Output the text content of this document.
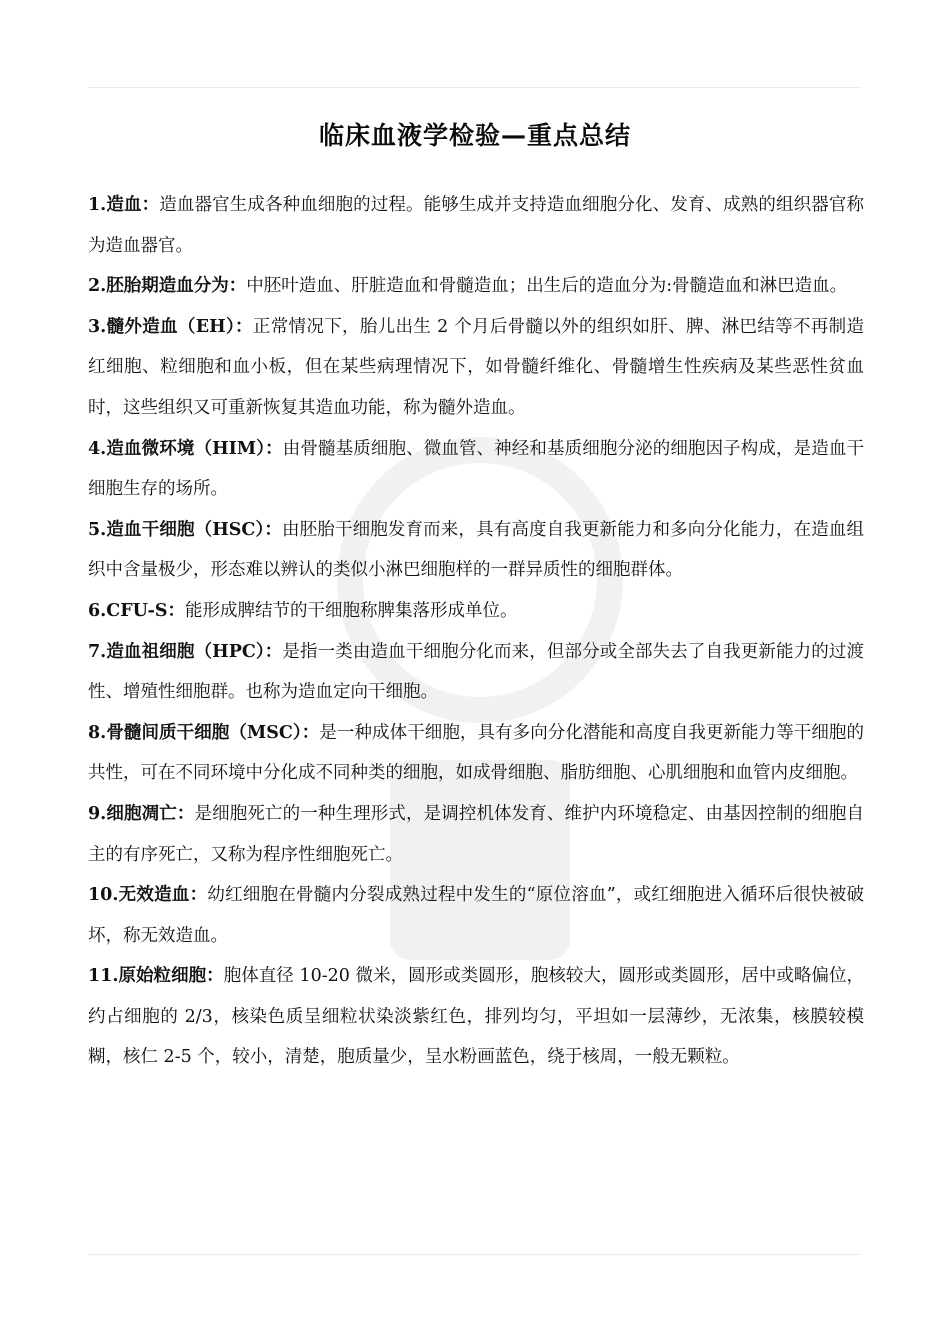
临床血液学检验—重点总结

1.造血：造血器官生成各种血细胞的过程。能够生成并支持造血细胞分化、发育、成熟的组织器官称为造血器官。

2.胚胎期造血分为：中胚叶造血、肝脏造血和骨髓造血；出生后的造血分为:骨髓造血和淋巴造血。

3.髓外造血（EH）：正常情况下，胎儿出生 2 个月后骨髓以外的组织如肝、脾、淋巴结等不再制造红细胞、粒细胞和血小板，但在某些病理情况下，如骨髓纤维化、骨髓增生性疾病及某些恶性贫血时，这些组织又可重新恢复其造血功能，称为髓外造血。

4.造血微环境（HIM）：由骨髓基质细胞、微血管、神经和基质细胞分泌的细胞因子构成，是造血干细胞生存的场所。

5.造血干细胞（HSC）：由胚胎干细胞发育而来，具有高度自我更新能力和多向分化能力，在造血组织中含量极少，形态难以辨认的类似小淋巴细胞样的一群异质性的细胞群体。

6.CFU-S：能形成脾结节的干细胞称脾集落形成单位。

7.造血祖细胞（HPC）：是指一类由造血干细胞分化而来，但部分或全部失去了自我更新能力的过渡性、增殖性细胞群。也称为造血定向干细胞。

8.骨髓间质干细胞（MSC）：是一种成体干细胞，具有多向分化潜能和高度自我更新能力等干细胞的共性，可在不同环境中分化成不同种类的细胞，如成骨细胞、脂肪细胞、心肌细胞和血管内皮细胞。

9.细胞凋亡：是细胞死亡的一种生理形式，是调控机体发育、维护内环境稳定、由基因控制的细胞自主的有序死亡，又称为程序性细胞死亡。

10.无效造血：幼红细胞在骨髓内分裂成熟过程中发生的“原位溶血”，或红细胞进入循环后很快被破坏，称无效造血。

11.原始粒细胞：胞体直径 10-20 微米，圆形或类圆形，胞核较大，圆形或类圆形，居中或略偏位，约占细胞的 2/3，核染色质呈细粒状染淡紫红色，排列均匀，平坦如一层薄纱，无浓集，核膜较模糊，核仁 2-5 个，较小，清楚，胞质量少，呈水粉画蓝色，绕于核周，一般无颗粒。
